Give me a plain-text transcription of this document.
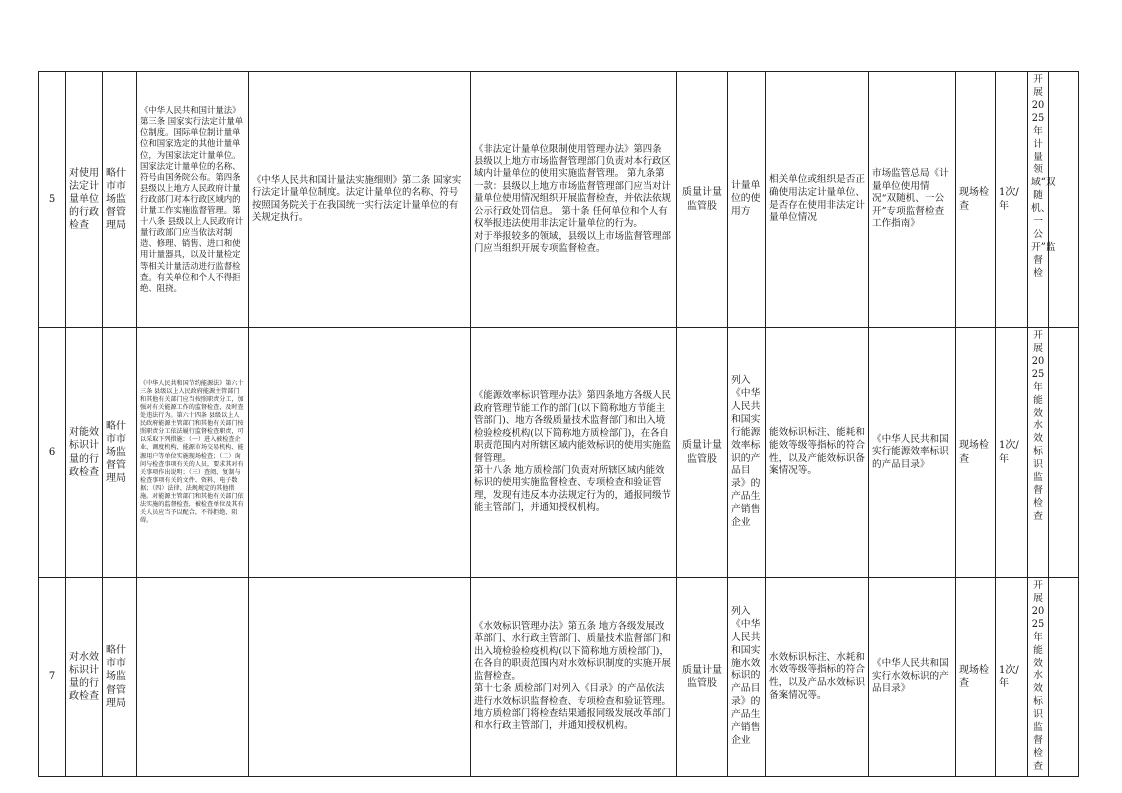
5	对使用法定计量单位的行政检查	略什市市场监督管理局	《中华人民共和国计量法》第三条 国家实行法定计量单位制度。国际单位制计量单位和国家选定的其他计量单位，为国家法定计量单位。国家法定计量单位的名称、符号由国务院公布。第四条 县级以上地方人民政府计量行政部门对本行政区域内的计量工作实施监督管理。第十八条 县级以上人民政府计量行政部门应当依法对制造、修理、销售、进口和使用计量器具，以及计量检定等相关计量活动进行监督检查。有关单位和个人不得拒绝、阻挠。	《中华人民共和国计量法实施细则》第二条 国家实行法定计量单位制度。法定计量单位的名称、符号按照国务院关于在我国统一实行法定计量单位的有关规定执行。	《非法定计量单位限制使用管理办法》第四条 县级以上地方市场监督管理部门负责对本行政区域内计量单位的使用实施监督管理。 第九条第一款：县级以上地方市场监督管理部门应当对计量单位使用情况组织开展监督检查，并依法依规公示行政处罚信息。 第十条 任何单位和个人有权举报违法使用非法定计量单位的行为。
对于举报较多的领域，县级以上市场监督管理部门应当组织开展专项监督检查。	质量计量监管股	计量单位的使用方	相关单位或组织是否正确使用法定计量单位、是否存在使用非法定计量单位情况	市场监管总局《计量单位使用情况“双随机、一公开”专项监督检查工作指南》	现场检查	1次/年	开展2025年计量领域“双随机、一公开”监督检	
6	对能效标识计量的行政检查	略什市市场监督管理局	《中华人民共和国节约能源法》第六十三条 县级以上人民政府能源主管部门和其他有关部门应当按照职责分工，加强对有关能源工作的监督检查，及时查处违法行为。第六十四条 县级以上人民政府能源主管部门和其他有关部门按照职责分工依法履行监督检查职责，可以采取下列措施：（一）进入被检查企业、调度机构、能源市场交易机构、能源用户等单位实施现场检查；（二）询问与检查事项有关的人员，要求其对有关事项作出说明；（三）查阅、复制与检查事项有关的文件、资料、电子数据；（四）法律、法规规定的其他措施。对能源主管部门和其他有关部门依法实施的监督检查，被检查单位及其有关人员应当予以配合，不得拒绝、阻碍。		《能源效率标识管理办法》第四条地方各级人民政府管理节能工作的部门(以下简称地方节能主管部门)、地方各级质量技术监督部门和出入境检验检疫机构(以下简称地方质检部门)，在各自职责范围内对所辖区域内能效标识的使用实施监督管理。
第十八条 地方质检部门负责对所辖区域内能效标识的使用实施监督检查、专项检查和验证管理，发现有违反本办法规定行为的，通报同级节能主管部门，并通知授权机构。	质量计量监管股	列入《中华人民共和国实行能源效率标识的产品目录》的产品生产销售企业	能效标识标注、能耗和能效等级等指标的符合性，以及产能效标识备案情况等。	《中华人民共和国实行能源效率标识的产品目录》	现场检查	1次/年	开展2025年能效水效标识监督检查	
7	对水效标识计量的行政检查	略什市市场监督管理局			《水效标识管理办法》第五条 地方各级发展改革部门、水行政主管部门、质量技术监督部门和出入境检验检疫机构(以下简称地方质检部门)，在各自的职责范围内对水效标识制度的实施开展监督检查。
第十七条 质检部门对列入《目录》的产品依法进行水效标识监督检查、专项检查和验证管理。地方质检部门将检查结果通报同级发展改革部门和水行政主管部门，并通知授权机构。	质量计量监管股	列入《中华人民共和国实施水效标识的产品目录》的产品生产销售企业	水效标识标注、水耗和水效等级等指标的符合性，以及产品水效标识备案情况等。	《中华人民共和国实行水效标识的产品目录》	现场检查	1次/年	开展2025年能效水效标识监督检查	
